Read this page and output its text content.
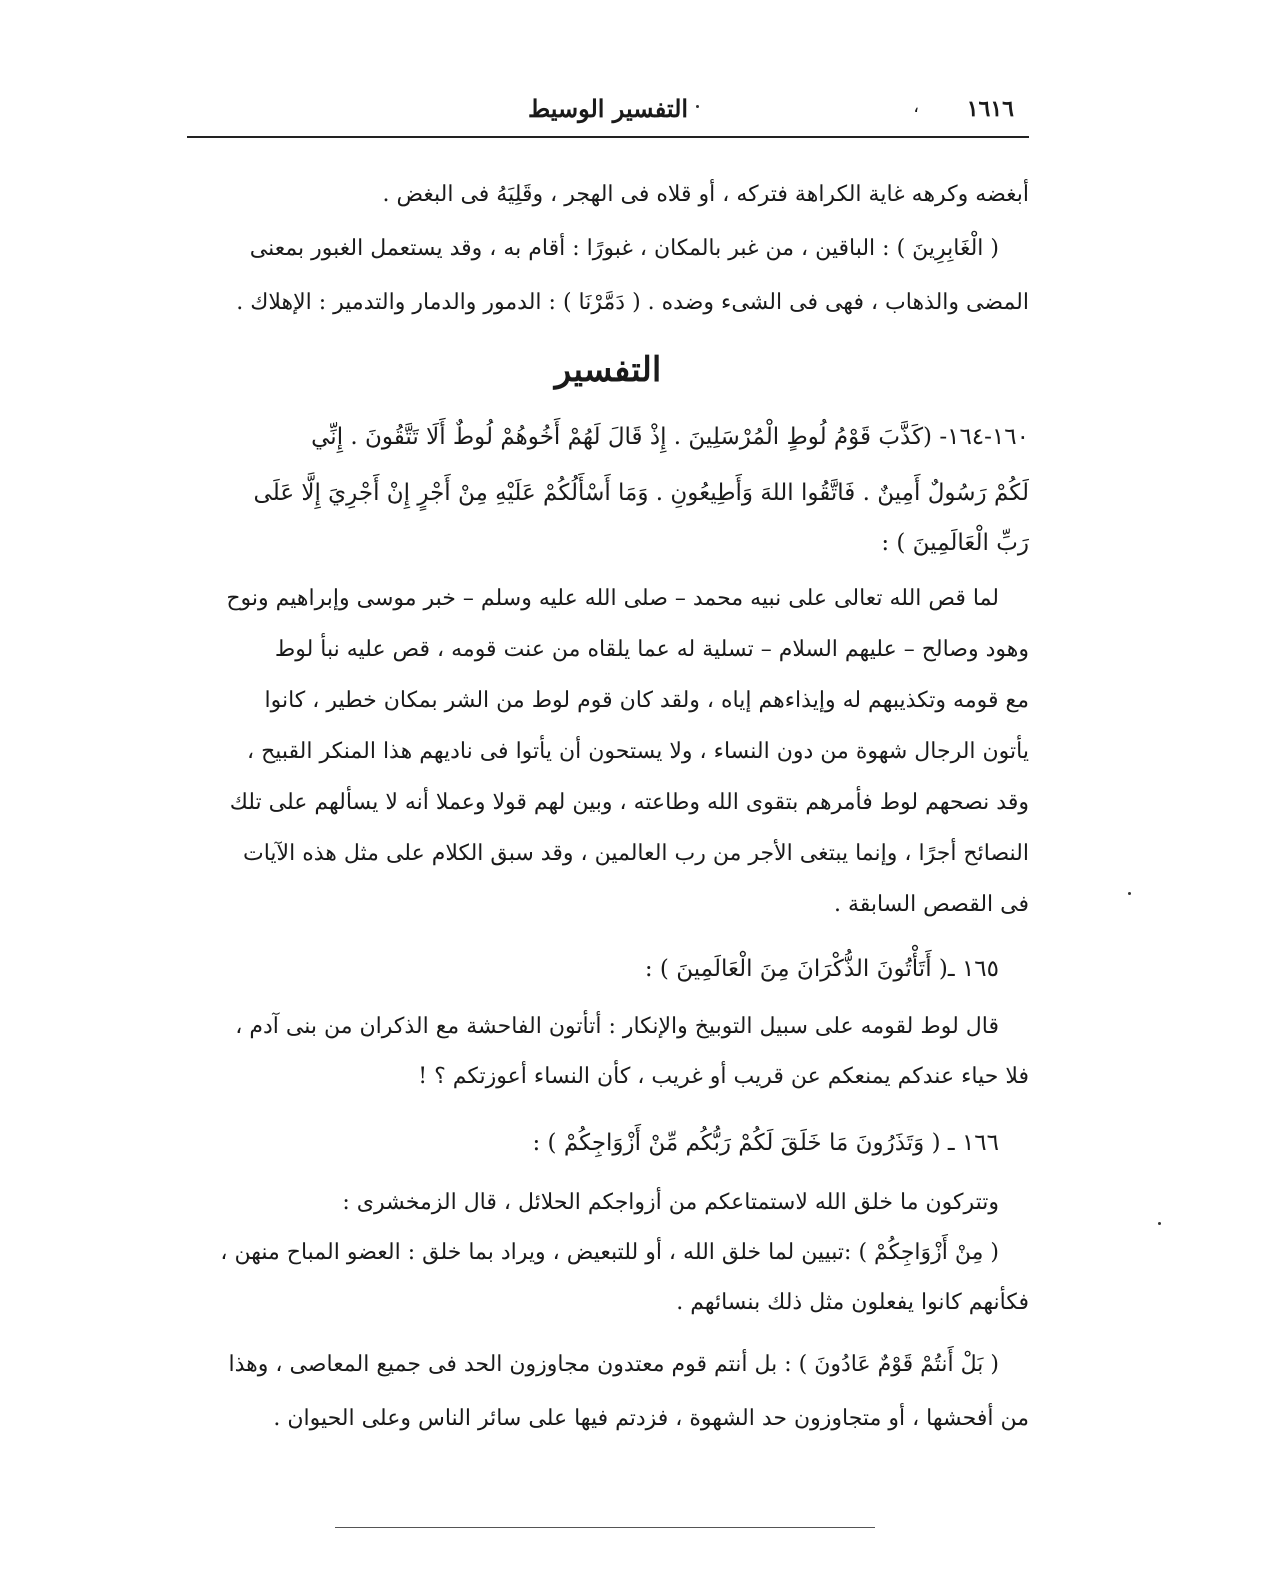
١٦١٦
،
التفسير الوسيط
أبغضه وكرهه غاية الكراهة فتركه ، أو قلاه فى الهجر ، وقَلِيَهُ فى البغض .
( الْغَابِرِينَ ) : الباقين ، من غبر بالمكان ، غبورًا : أقام به ، وقد يستعمل الغبور بمعنى
المضى والذهاب ، فهى فى الشىء وضده . ( دَمَّرْنَا ) : الدمور والدمار والتدمير : الإهلاك .
التفسير
١٦٠-١٦٤- (كَذَّبَ قَوْمُ لُوطٍ الْمُرْسَلِينَ . إِذْ قَالَ لَهُمْ أَخُوهُمْ لُوطٌ أَلَا تَتَّقُونَ . إِنِّي
لَكُمْ رَسُولٌ أَمِينٌ . فَاتَّقُوا اللهَ وَأَطِيعُونِ . وَمَا أَسْأَلُكُمْ عَلَيْهِ مِنْ أَجْرٍ إِنْ أَجْرِيَ إِلَّا عَلَى
رَبِّ الْعَالَمِينَ ) :
لما قص الله تعالى على نبيه محمد – صلى الله عليه وسلم – خبر موسى وإبراهيم ونوح
وهود وصالح – عليهم السلام – تسلية له عما يلقاه من عنت قومه ، قص عليه نبأ لوط
مع قومه وتكذيبهم له وإيذاءهم إياه ، ولقد كان قوم لوط من الشر بمكان خطير ، كانوا
يأتون الرجال شهوة من دون النساء ، ولا يستحون أن يأتوا فى ناديهم هذا المنكر القبيح ،
وقد نصحهم لوط فأمرهم بتقوى الله وطاعته ، وبين لهم قولا وعملا أنه لا يسألهم على تلك
النصائح أجرًا ، وإنما يبتغى الأجر من رب العالمين ، وقد سبق الكلام على مثل هذه الآيات
فى القصص السابقة .
١٦٥ ـ( أَتَأْتُونَ الذُّكْرَانَ مِنَ الْعَالَمِينَ ) :
قال لوط لقومه على سبيل التوبيخ والإنكار : أتأتون الفاحشة مع الذكران من بنى آدم ،
فلا حياء عندكم يمنعكم عن قريب أو غريب ، كأن النساء أعوزتكم ؟ !
١٦٦ ـ ( وَتَذَرُونَ مَا خَلَقَ لَكُمْ رَبُّكُم مِّنْ أَزْوَاجِكُمْ ) :
وتتركون ما خلق الله لاستمتاعكم من أزواجكم الحلائل ، قال الزمخشرى :
( مِنْ أَزْوَاجِكُمْ ) :تبيين لما خلق الله ، أو للتبعيض ، ويراد بما خلق : العضو المباح منهن ،
فكأنهم كانوا يفعلون مثل ذلك بنسائهم .
( بَلْ أَنتُمْ قَوْمٌ عَادُونَ ) : بل أنتم قوم معتدون مجاوزون الحد فى جميع المعاصى ، وهذا
من أفحشها ، أو متجاوزون حد الشهوة ، فزدتم فيها على سائر الناس وعلى الحيوان .
